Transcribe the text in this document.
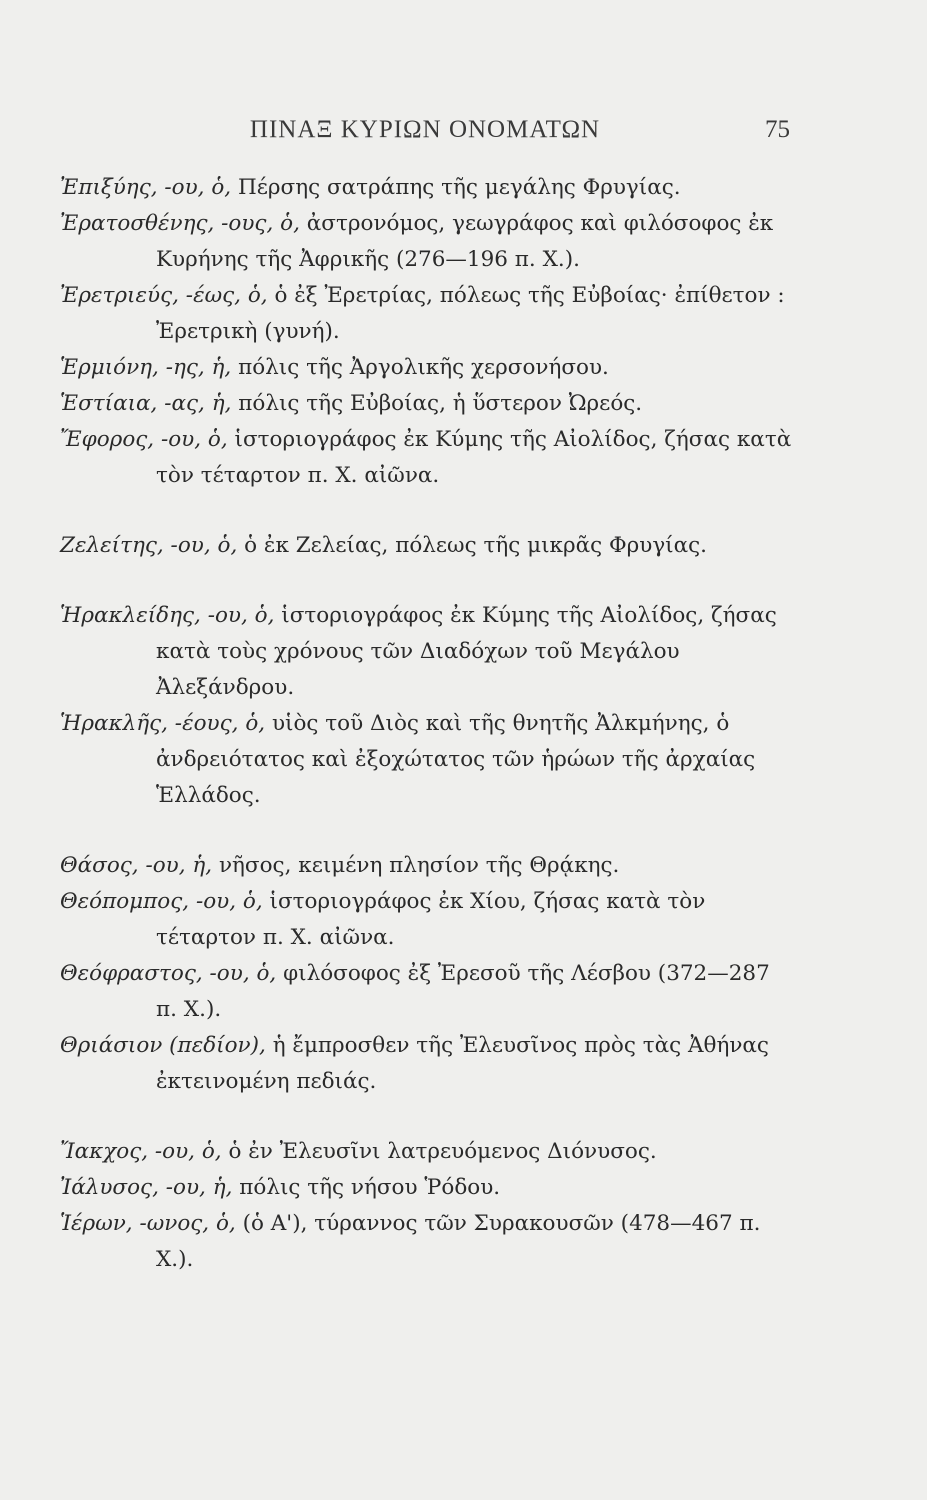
ΠΙΝΑΞ ΚΥΡΙΩΝ ΟΝΟΜΑΤΩΝ	75
Ἐπιξύης, -ου, ὁ, Πέρσης σατράπης τῆς μεγάλης Φρυγίας.
Ἐρατοσθένης, -ους, ὁ, ἀστρονόμος, γεωγράφος καὶ φιλόσοφος ἐκ Κυρήνης τῆς Ἀφρικῆς (276—196 π. Χ.).
Ἐρετριεύς, -έως, ὁ, ὁ ἐξ Ἐρετρίας, πόλεως τῆς Εὐβοίας· ἐπίθετον : Ἐρετρικὴ (γυνή).
Ἑρμιόνη, -ης, ἡ, πόλις τῆς Ἀργολικῆς χερσονήσου.
Ἑστίαια, -ας, ἡ, πόλις τῆς Εὐβοίας, ἡ ὕστερον Ὠρεός.
Ἔφορος, -ου, ὁ, ἱστοριογράφος ἐκ Κύμης τῆς Αἰολίδος, ζήσας κατὰ τὸν τέταρτον π. Χ. αἰῶνα.
Ζελείτης, -ου, ὁ, ὁ ἐκ Ζελείας, πόλεως τῆς μικρᾶς Φρυγίας.
Ἡρακλείδης, -ου, ὁ, ἱστοριογράφος ἐκ Κύμης τῆς Αἰολίδος, ζήσας κατὰ τοὺς χρόνους τῶν Διαδόχων τοῦ Μεγάλου Ἀλεξάνδρου.
Ἡρακλῆς, -έους, ὁ, υἱὸς τοῦ Διὸς καὶ τῆς θνητῆς Ἀλκμήνης, ὁ ἀνδρειότατος καὶ ἐξοχώτατος τῶν ἡρώων τῆς ἀρχαίας Ἑλλάδος.
Θάσος, -ου, ἡ, νῆσος, κειμένη πλησίον τῆς Θρᾴκης.
Θεόπομπος, -ου, ὁ, ἱστοριογράφος ἐκ Χίου, ζήσας κατὰ τὸν τέταρτον π. Χ. αἰῶνα.
Θεόφραστος, -ου, ὁ, φιλόσοφος ἐξ Ἐρεσοῦ τῆς Λέσβου (372—287 π. Χ.).
Θριάσιον (πεδίον), ἡ ἔμπροσθεν τῆς Ἐλευσῖνος πρὸς τὰς Ἀθήνας ἐκτεινομένη πεδιάς.
Ἴακχος, -ου, ὁ, ὁ ἐν Ἐλευσῖνι λατρευόμενος Διόνυσος.
Ἰάλυσος, -ου, ἡ, πόλις τῆς νήσου Ῥόδου.
Ἱέρων, -ωνος, ὁ, (ὁ Α'), τύραννος τῶν Συρακουσῶν (478—467 π. Χ.).
